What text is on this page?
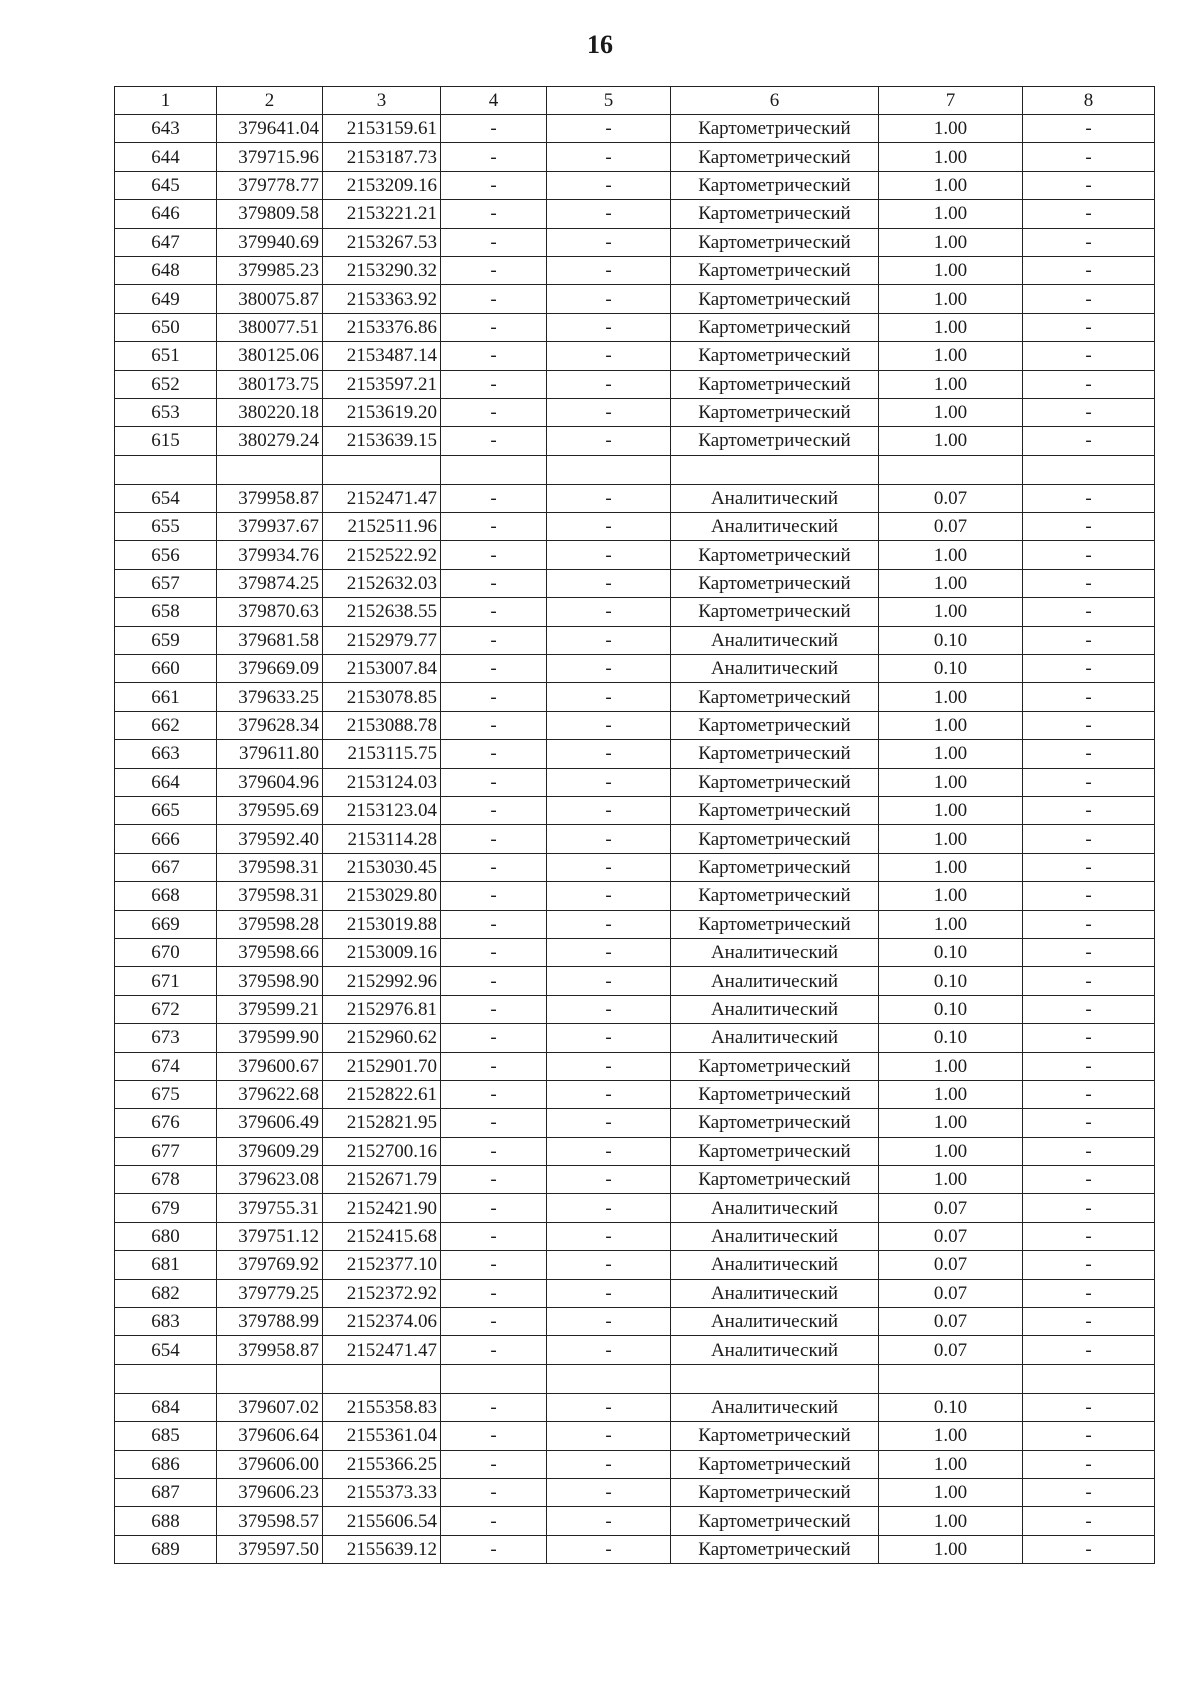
16
1	2	3	4	5	6	7	8
643	379641.04	2153159.61	-	-	Картометрический	1.00	-
644	379715.96	2153187.73	-	-	Картометрический	1.00	-
645	379778.77	2153209.16	-	-	Картометрический	1.00	-
646	379809.58	2153221.21	-	-	Картометрический	1.00	-
647	379940.69	2153267.53	-	-	Картометрический	1.00	-
648	379985.23	2153290.32	-	-	Картометрический	1.00	-
649	380075.87	2153363.92	-	-	Картометрический	1.00	-
650	380077.51	2153376.86	-	-	Картометрический	1.00	-
651	380125.06	2153487.14	-	-	Картометрический	1.00	-
652	380173.75	2153597.21	-	-	Картометрический	1.00	-
653	380220.18	2153619.20	-	-	Картометрический	1.00	-
615	380279.24	2153639.15	-	-	Картометрический	1.00	-

654	379958.87	2152471.47	-	-	Аналитический	0.07	-
655	379937.67	2152511.96	-	-	Аналитический	0.07	-
656	379934.76	2152522.92	-	-	Картометрический	1.00	-
657	379874.25	2152632.03	-	-	Картометрический	1.00	-
658	379870.63	2152638.55	-	-	Картометрический	1.00	-
659	379681.58	2152979.77	-	-	Аналитический	0.10	-
660	379669.09	2153007.84	-	-	Аналитический	0.10	-
661	379633.25	2153078.85	-	-	Картометрический	1.00	-
662	379628.34	2153088.78	-	-	Картометрический	1.00	-
663	379611.80	2153115.75	-	-	Картометрический	1.00	-
664	379604.96	2153124.03	-	-	Картометрический	1.00	-
665	379595.69	2153123.04	-	-	Картометрический	1.00	-
666	379592.40	2153114.28	-	-	Картометрический	1.00	-
667	379598.31	2153030.45	-	-	Картометрический	1.00	-
668	379598.31	2153029.80	-	-	Картометрический	1.00	-
669	379598.28	2153019.88	-	-	Картометрический	1.00	-
670	379598.66	2153009.16	-	-	Аналитический	0.10	-
671	379598.90	2152992.96	-	-	Аналитический	0.10	-
672	379599.21	2152976.81	-	-	Аналитический	0.10	-
673	379599.90	2152960.62	-	-	Аналитический	0.10	-
674	379600.67	2152901.70	-	-	Картометрический	1.00	-
675	379622.68	2152822.61	-	-	Картометрический	1.00	-
676	379606.49	2152821.95	-	-	Картометрический	1.00	-
677	379609.29	2152700.16	-	-	Картометрический	1.00	-
678	379623.08	2152671.79	-	-	Картометрический	1.00	-
679	379755.31	2152421.90	-	-	Аналитический	0.07	-
680	379751.12	2152415.68	-	-	Аналитический	0.07	-
681	379769.92	2152377.10	-	-	Аналитический	0.07	-
682	379779.25	2152372.92	-	-	Аналитический	0.07	-
683	379788.99	2152374.06	-	-	Аналитический	0.07	-
654	379958.87	2152471.47	-	-	Аналитический	0.07	-

684	379607.02	2155358.83	-	-	Аналитический	0.10	-
685	379606.64	2155361.04	-	-	Картометрический	1.00	-
686	379606.00	2155366.25	-	-	Картометрический	1.00	-
687	379606.23	2155373.33	-	-	Картометрический	1.00	-
688	379598.57	2155606.54	-	-	Картометрический	1.00	-
689	379597.50	2155639.12	-	-	Картометрический	1.00	-
